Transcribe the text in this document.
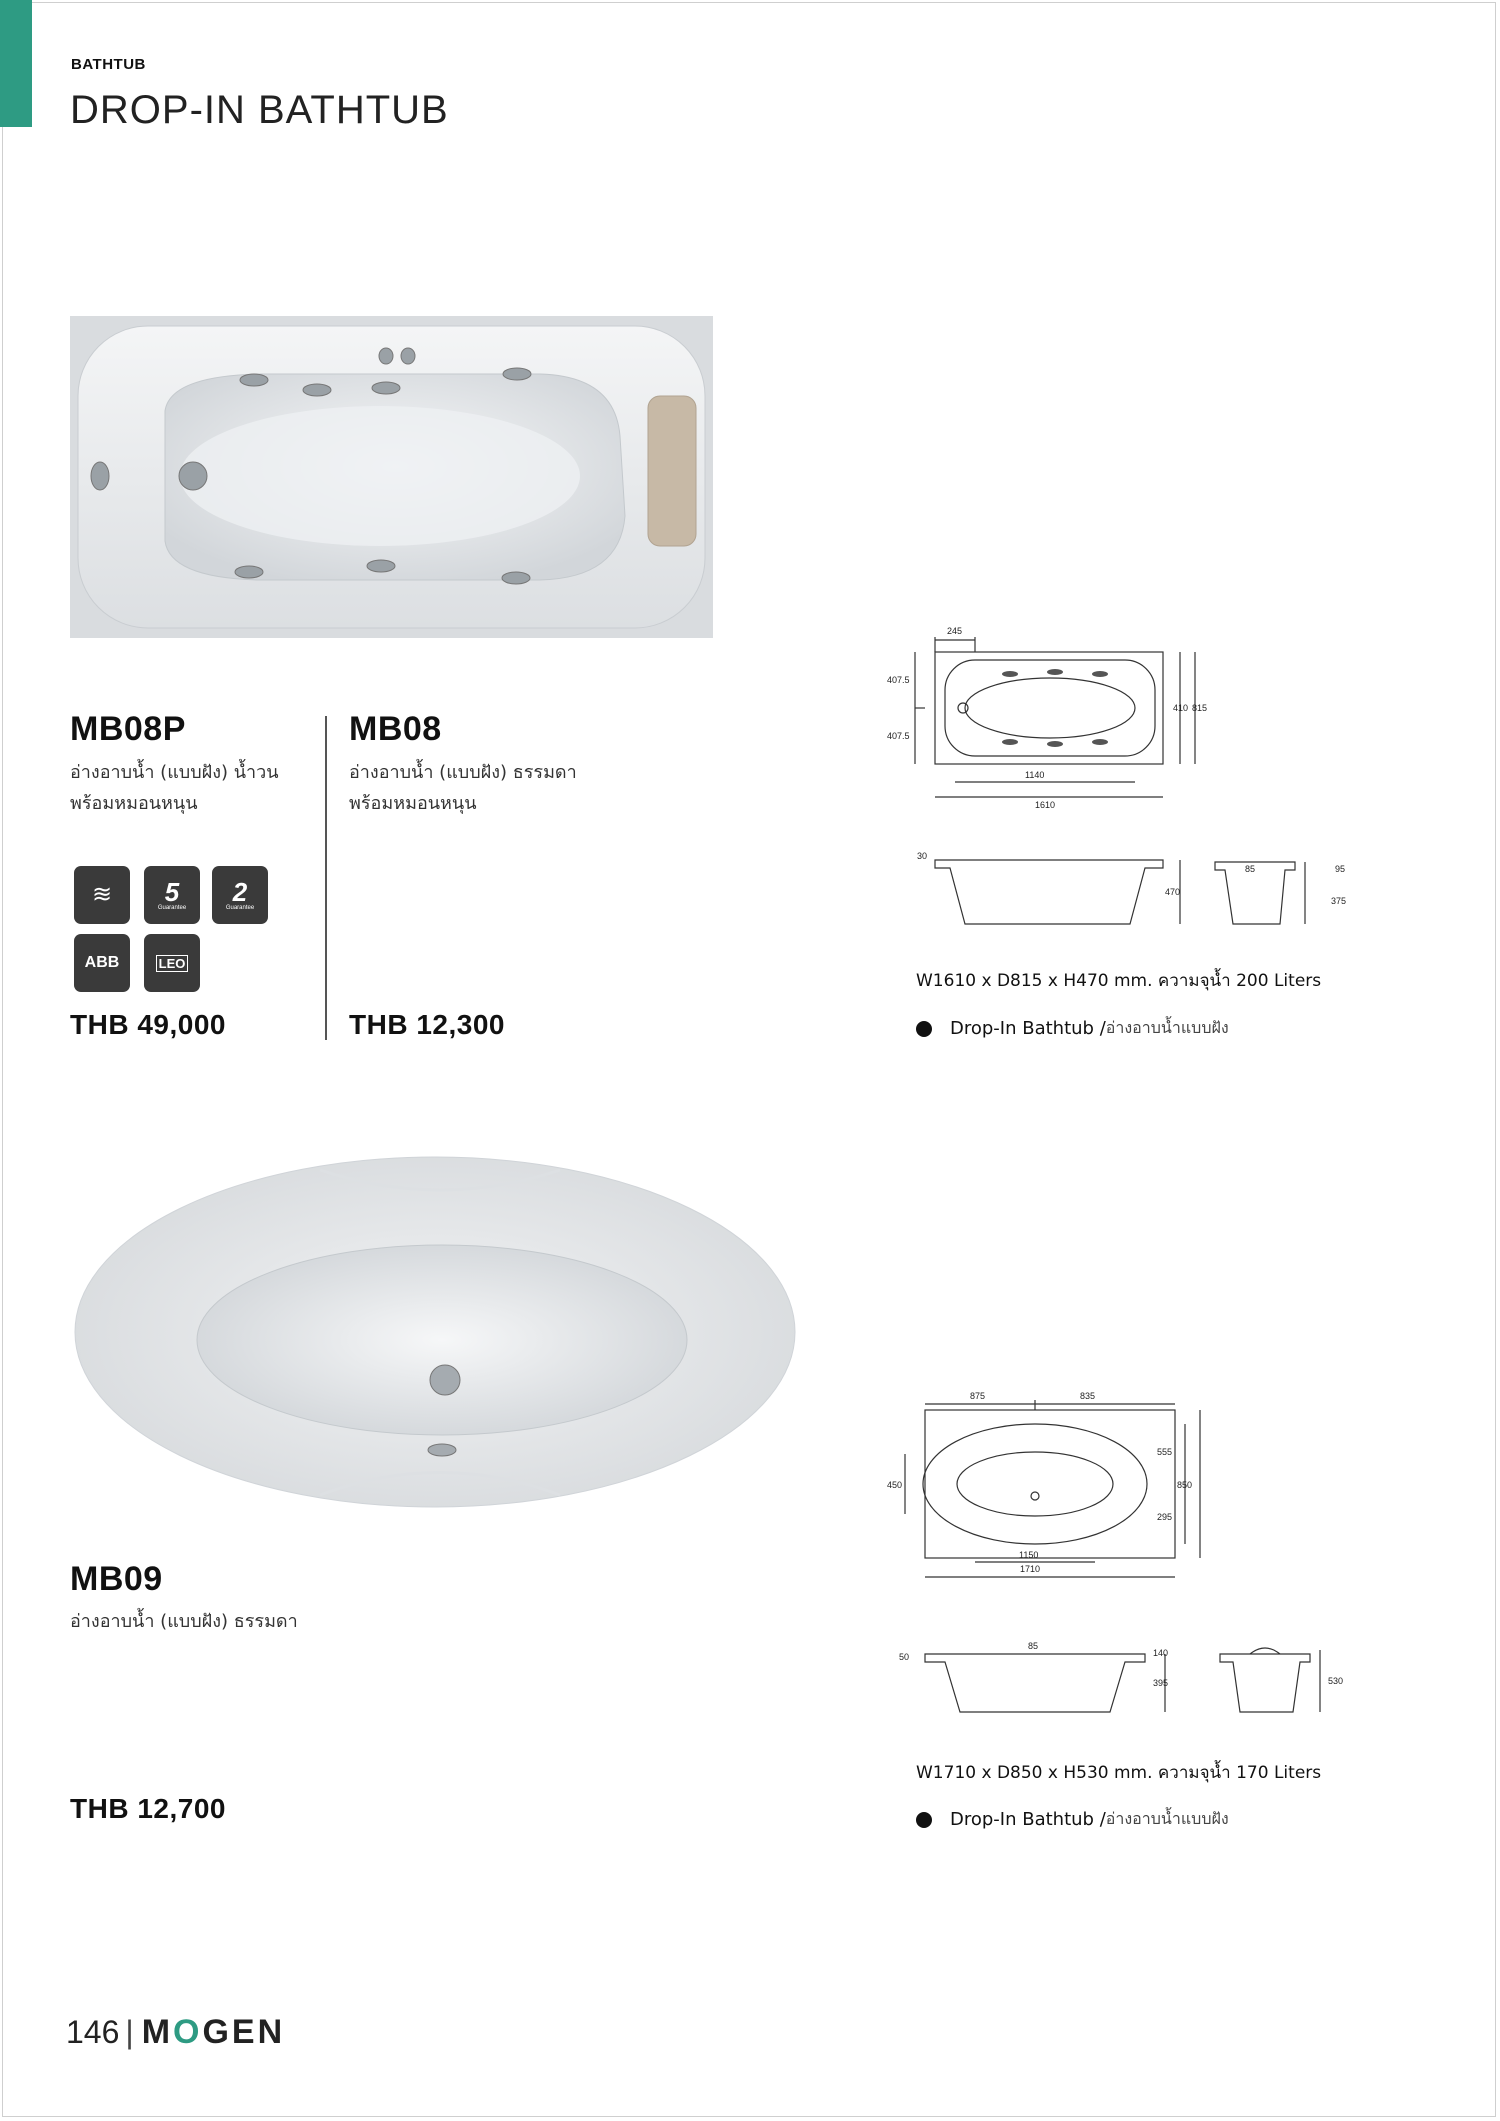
BATHTUB
DROP-IN BATHTUB
MB08P
อ่างอาบน้ำ (แบบฝัง) น้ำวน
พร้อมหมอนหนุน
≋ 5
Guarantee
2
Guarantee
ABB	LEO
THB 49,000
MB08
อ่างอาบน้ำ (แบบฝัง) ธรรมดา
พร้อมหมอนหนุน
THB 12,300
245
407.5
407.5
410 815
1140
1610
30
470
85	95
375
W1610 x D815 x H470 mm. ความจุน้ำ 200 Liters
Drop-In Bathtub / อ่างอาบน้ำแบบฝัง
MB09
อ่างอาบน้ำ (แบบฝัง) ธรรมดา
THB 12,700
875	835
450
555
850
295
1150
1710
50
85
140
395	530
W1710 x D850 x H530 mm. ความจุน้ำ 170 Liters
Drop-In Bathtub / อ่างอาบน้ำแบบฝัง
146 | MOGEN
